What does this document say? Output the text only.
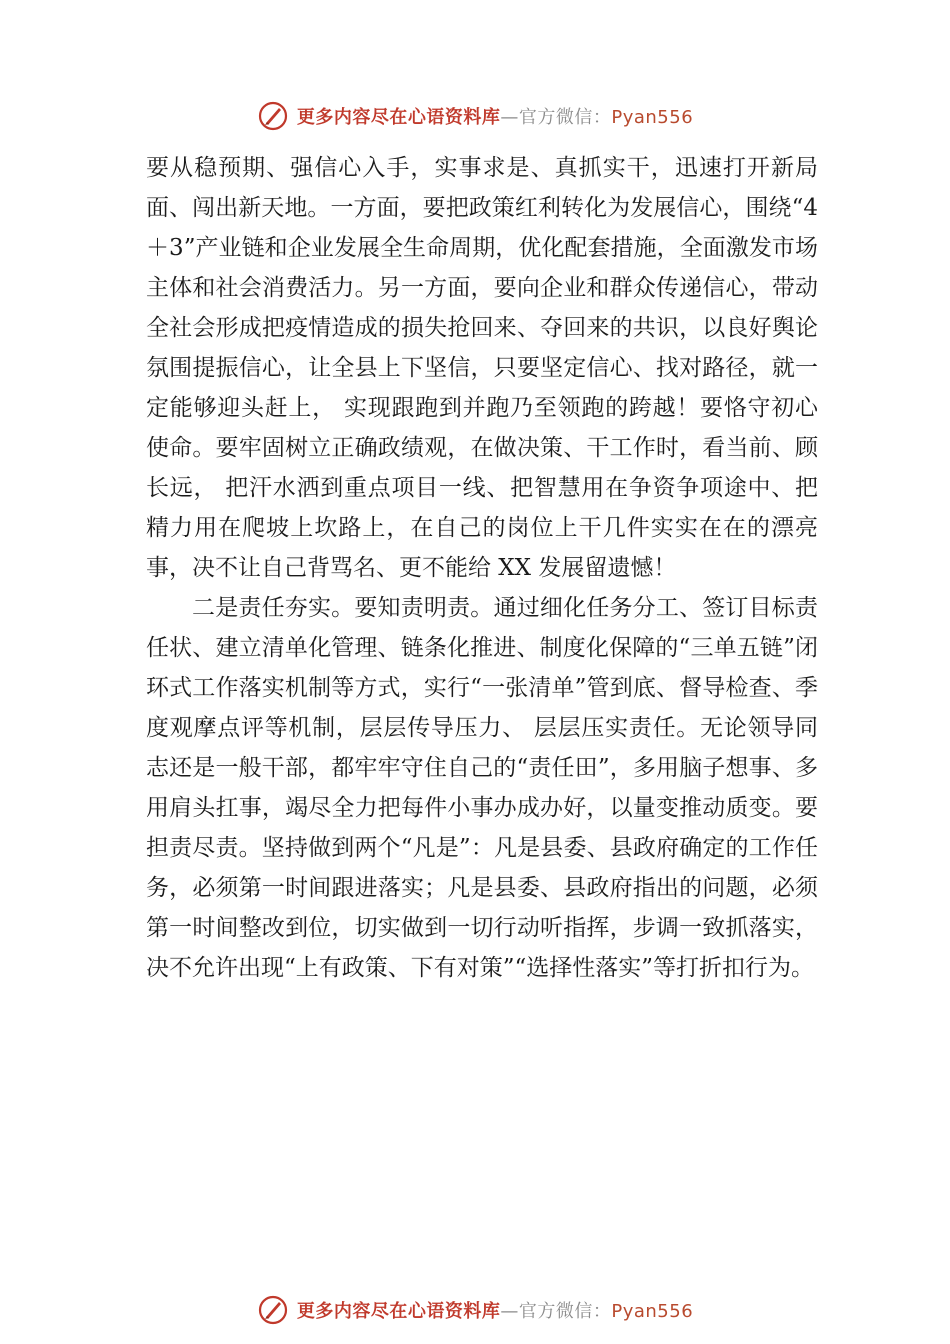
更多内容尽在心语资料库—官方微信：Pyan556

要从稳预期、强信心入手，实事求是、真抓实干，迅速打开新局面、闯出新天地。一方面，要把政策红利转化为发展信心，围绕“4＋3”产业链和企业发展全生命周期，优化配套措施，全面激发市场主体和社会消费活力。另一方面，要向企业和群众传递信心，带动全社会形成把疫情造成的损失抢回来、夺回来的共识，以良好舆论氛围提振信心，让全县上下坚信，只要坚定信心、找对路径，就一定能够迎头赶上， 实现跟跑到并跑乃至领跑的跨越！要恪守初心使命。要牢固树立正确政绩观，在做决策、干工作时，看当前、顾长远， 把汗水洒到重点项目一线、把智慧用在争资争项途中、把精力用在爬坡上坎路上，在自己的岗位上干几件实实在在的漂亮事，决不让自己背骂名、更不能给 XX 发展留遗憾！

二是责任夯实。要知责明责。通过细化任务分工、签订目标责任状、建立清单化管理、链条化推进、制度化保障的“三单五链”闭环式工作落实机制等方式，实行“一张清单”管到底、督导检查、季度观摩点评等机制，层层传导压力、 层层压实责任。无论领导同志还是一般干部，都牢牢守住自己的“责任田”，多用脑子想事、多用肩头扛事，竭尽全力把每件小事办成办好，以量变推动质变。要担责尽责。坚持做到两个“凡是”：凡是县委、县政府确定的工作任务，必须第一时间跟进落实；凡是县委、县政府指出的问题，必须第一时间整改到位，切实做到一切行动听指挥，步调一致抓落实， 决不允许出现“上有政策、下有对策”“选择性落实”等打折扣行为。

更多内容尽在心语资料库—官方微信：Pyan556
